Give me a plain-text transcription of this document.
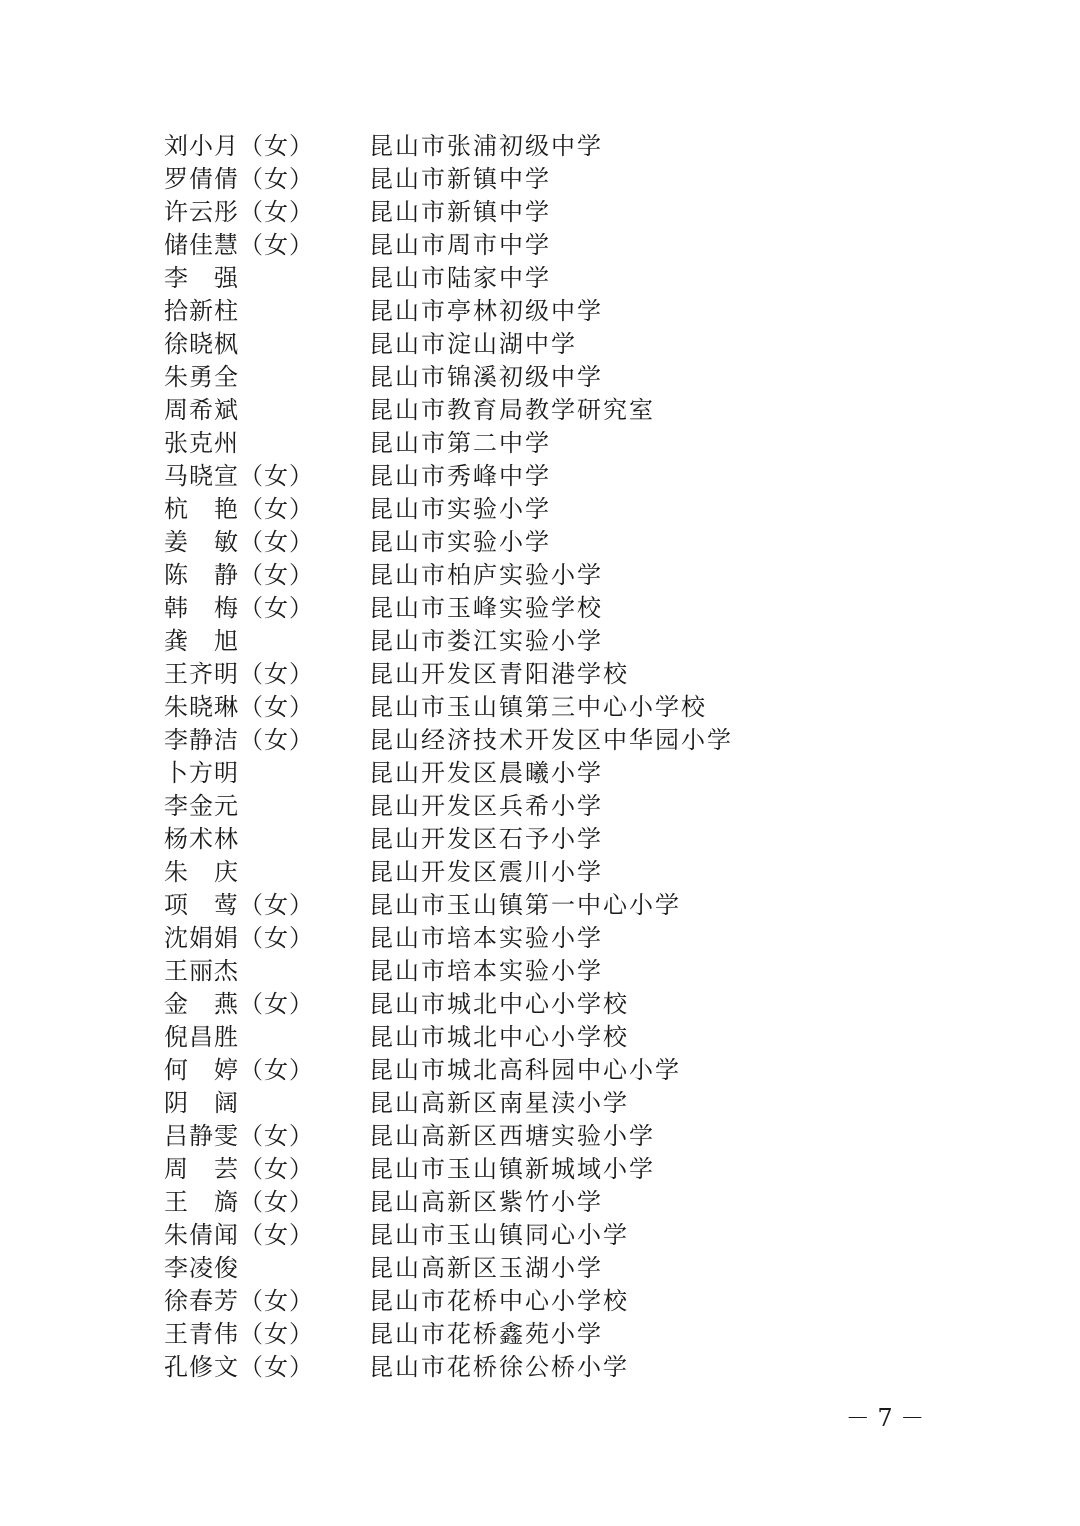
刘小月（女）	昆山市张浦初级中学
罗倩倩（女）	昆山市新镇中学
许云彤（女）	昆山市新镇中学
储佳慧（女）	昆山市周市中学
李　强	昆山市陆家中学
拾新柱	昆山市亭林初级中学
徐晓枫	昆山市淀山湖中学
朱勇全	昆山市锦溪初级中学
周希斌	昆山市教育局教学研究室
张克州	昆山市第二中学
马晓宣（女）	昆山市秀峰中学
杭　艳（女）	昆山市实验小学
姜　敏（女）	昆山市实验小学
陈　静（女）	昆山市柏庐实验小学
韩　梅（女）	昆山市玉峰实验学校
龚　旭	昆山市娄江实验小学
王齐明（女）	昆山开发区青阳港学校
朱晓琳（女）	昆山市玉山镇第三中心小学校
李静洁（女）	昆山经济技术开发区中华园小学
卜方明	昆山开发区晨曦小学
李金元	昆山开发区兵希小学
杨术林	昆山开发区石予小学
朱　庆	昆山开发区震川小学
项　莺（女）	昆山市玉山镇第一中心小学
沈娟娟（女）	昆山市培本实验小学
王丽杰	昆山市培本实验小学
金　燕（女）	昆山市城北中心小学校
倪昌胜	昆山市城北中心小学校
何　婷（女）	昆山市城北高科园中心小学
阴　阔	昆山高新区南星渎小学
吕静雯（女）	昆山高新区西塘实验小学
周　芸（女）	昆山市玉山镇新城域小学
王　旖（女）	昆山高新区紫竹小学
朱倩闻（女）	昆山市玉山镇同心小学
李凌俊	昆山高新区玉湖小学
徐春芳（女）	昆山市花桥中心小学校
王青伟（女）	昆山市花桥鑫苑小学
孔修文（女）	昆山市花桥徐公桥小学
－ 7 －
